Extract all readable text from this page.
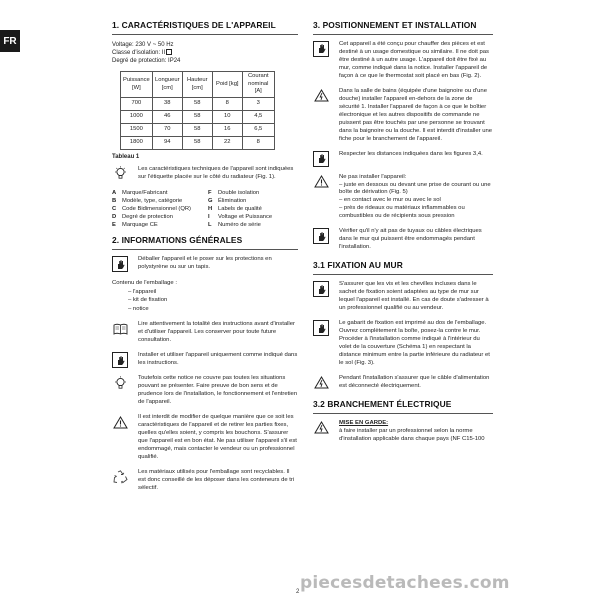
FR
1. CARACTÉRISTIQUES DE L'APPAREIL
Voltage: 230 V ~ 50 Hz
Classe d'isolation: II
Degré de protection: IP24
Puissance [W]	Longueur [cm]	Hauteur [cm]	Poid [kg]	Courant nominal [A]
700	38	58	8	3
1000	46	58	10	4,5
1500	70	58	16	6,5
1800	94	58	22	8
Tableau 1
Les caractéristiques techniques de l'appareil sont indiquées sur l'étiquette placée sur le côté du radiateur (Fig. 1).
A Marque/Fabricant
B Modèle, type, catégorie
C Code Bidimensionnel (QR)
D Degré de protection
E Marquage CE
F Double isolation
G Élimination
H Labels de qualité
I Voltage et Puissance
L Numéro de série
2. INFORMATIONS GÉNÉRALES
Déballer l'appareil et le poser sur les protections en polystyrène ou sur un tapis.
Contenu de l'emballage :
– l'appareil
– kit de fixation
– notice
Lire attentivement la totalité des instructions avant d'installer et d'utiliser l'appareil. Les conserver pour toute future consultation.
Installer et utiliser l'appareil uniquement comme indiqué dans les instructions.
Toutefois cette notice ne couvre pas toutes les situations pouvant se présenter. Faire preuve de bon sens et de prudence lors de l'installation, le fonctionnement et l'entretien de l'appareil.
Il est interdit de modifier de quelque manière que ce soit les caractéristiques de l'appareil et de retirer les parties fixes, quelles qu'elles soient, y compris les bouchons. S'assurer que l'appareil est en bon état. Ne pas utiliser l'appareil s'il est endommagé, mais contacter le vendeur ou un professionnel qualifié.
Les matériaux utilisés pour l'emballage sont recyclables. Il est donc conseillé de les déposer dans les conteneurs de tri sélectif.
3. POSITIONNEMENT ET INSTALLATION
Cet appareil a été conçu pour chauffer des pièces et est destiné à un usage domestique ou similaire. Il ne doit pas être destiné à un autre usage. L'appareil doit être fixé au mur, comme indiqué dans la notice. Installer l'appareil de façon à ce que le thermostat soit placé en bas (Fig. 2).
Dans la salle de bains (équipée d'une baignoire ou d'une douche) installer l'appareil en-dehors de la zone de sécurité 1. Installer l'appareil de façon à ce que le boîtier électronique et les autres dispositifs de commande ne puissent pas être touchés par une personne se trouvant dans la baignoire ou la douche. Il est interdit d'installer une fiche pour le branchement de l'appareil.
Respecter les distances indiquées dans les figures 3,4.
Ne pas installer l'appareil:
– juste en dessous ou devant une prise de courant ou une boîte de dérivation (Fig. 5)
– en contact avec le mur ou avec le sol
– près de rideaux ou matériaux inflammables ou combustibles ou de récipients sous pression
Vérifier qu'il n'y ait pas de tuyaux ou câbles électriques dans le mur qui puissent être endommagés pendant l'installation.
3.1 FIXATION AU MUR
S'assurer que les vis et les chevilles incluses dans le sachet de fixation soient adaptées au type de mur sur lequel l'appareil est installé. En cas de doute s'adresser à un professionnel qualifié ou au vendeur.
Le gabarit de fixation est imprimé au dos de l'emballage. Ouvrez complètement la boîte, posez-la contre le mur. Procéder à l'installation comme indiqué à l'intérieur du volet de la couverture (Schéma 1) en respectant la distance minimum entre la partie inférieure du radiateur et le sol (Fig. 3).
Pendant l'installation s'assurer que le câble d'alimentation est déconnecté électriquement.
3.2 BRANCHEMENT ÉLECTRIQUE
MISE EN GARDE:
à faire installer par un professionnel selon la norme d'installation applicable dans chaque pays (NF C15-100
piecesdetachees.com
2
